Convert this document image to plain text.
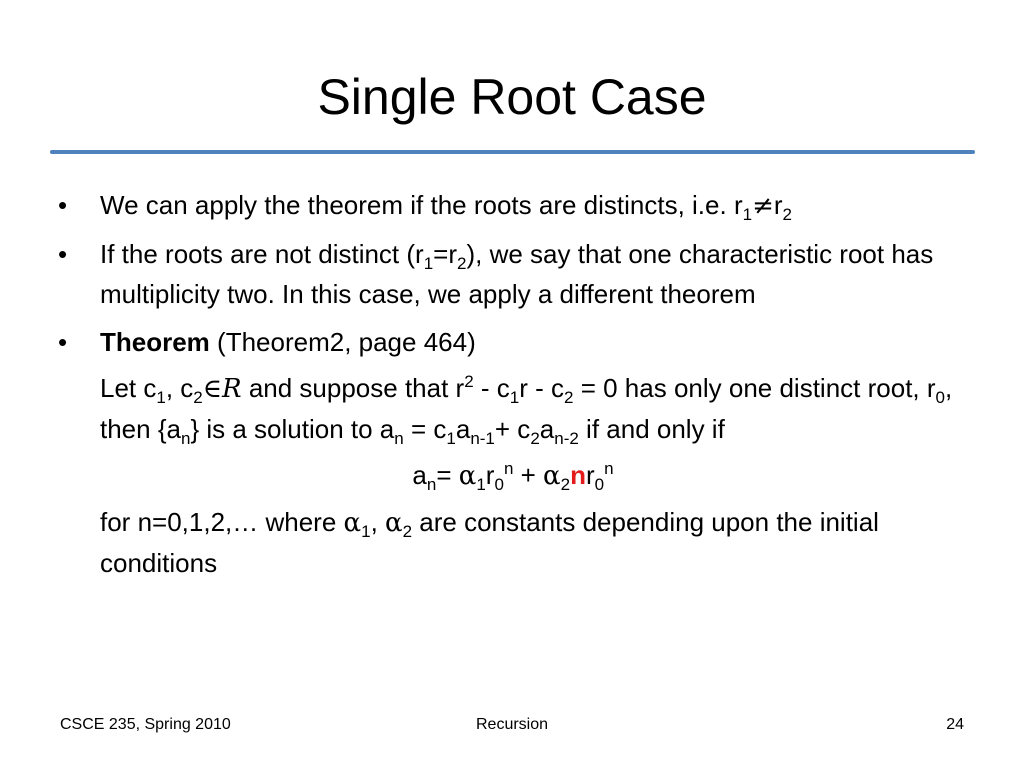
Single Root Case
• We can apply the theorem if the roots are distincts, i.e. $r_1\ne r_2$
• If the roots are not distinct $(r_1=r_2)$, we say that one characteristic root has multiplicity two. In this case, we apply a different theorem
• Theorem (Theorem2, page 464)
Let $c_1$, $c_2\in R$ and suppose that $r^2 - c_1r - c_2 = 0$ has only one distinct root, $r_0$, then $\{a_n\}$ is a solution to $a_n = c_1a_{n-1}+ c_2a_{n-2}$ if and only if
$a_n= \alpha_1r_0^n + \alpha_2nr_0^n$
for n=0,1,2,… where $\alpha_1$, $\alpha_2$ are constants depending upon the initial conditions
CSCE 235, Spring 2010	Recursion	24
